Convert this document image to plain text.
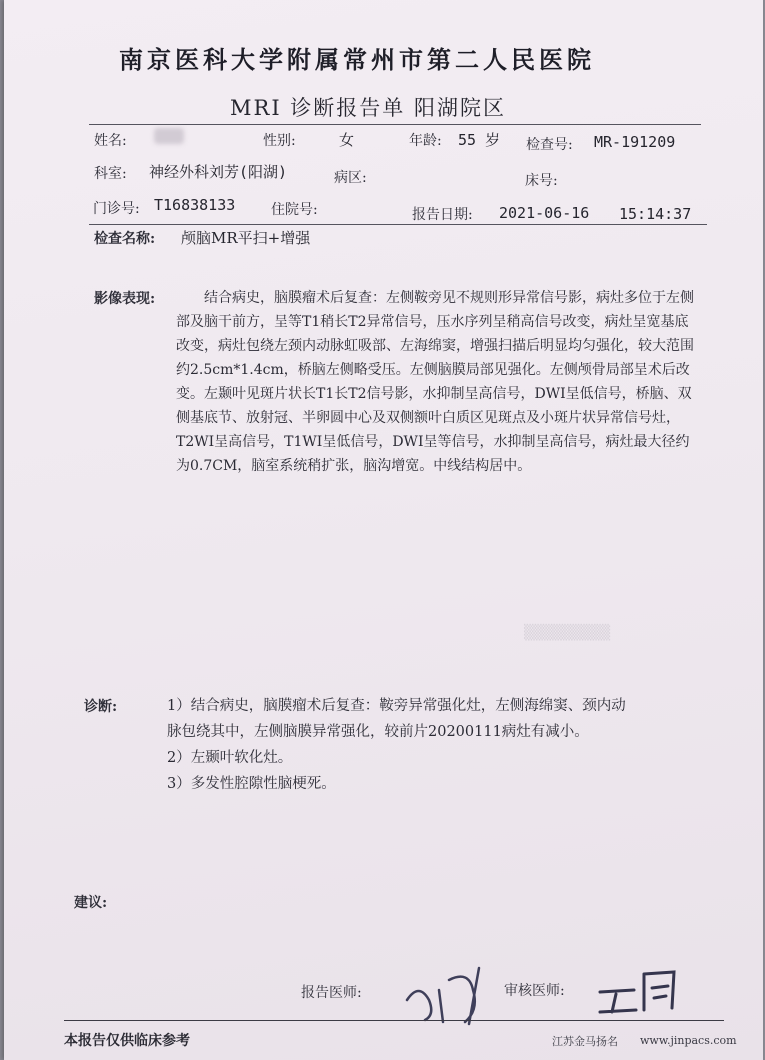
南京医科大学附属常州市第二人民医院
MRI 诊断报告单 阳湖院区
姓名:	性别:	女	年龄: 55 岁 检查号: MR-191209
科室: 神经外科刘芳(阳湖)	病区:	床号:
门诊号: T16838133	住院号:	报告日期: 2021-06-16 15:14:37
检查名称: 颅脑MR平扫+增强
影像表现:	结合病史，脑膜瘤术后复查：左侧鞍旁见不规则形异常信号影，病灶多位于左侧部及脑干前方，呈等T1稍长T2异常信号，压水序列呈稍高信号改变，病灶呈宽基底改变，病灶包绕左颈内动脉虹吸部、左海绵窦，增强扫描后明显均匀强化，较大范围约2.5cm*1.4cm，桥脑左侧略受压。左侧脑膜局部见强化。左侧颅骨局部呈术后改变。左颞叶见斑片状长T1长T2信号影，水抑制呈高信号，DWI呈低信号，桥脑、双侧基底节、放射冠、半卵圆中心及双侧额叶白质区见斑点及小斑片状异常信号灶，T2WI呈高信号，T1WI呈低信号，DWI呈等信号，水抑制呈高信号，病灶最大径约为0.7CM，脑室系统稍扩张，脑沟增宽。中线结构居中。

▒▒▒▒▒▒▒▒
诊断:	1）结合病史，脑膜瘤术后复查：鞍旁异常强化灶，左侧海绵窦、颈内动
脉包绕其中，左侧脑膜异常强化，较前片20200111病灶有减小。
2）左颞叶软化灶。
3）多发性腔隙性脑梗死。
建议:
报告医师:	审核医师:
本报告仅供临床参考	江苏金马扬名 www.jinpacs.com
